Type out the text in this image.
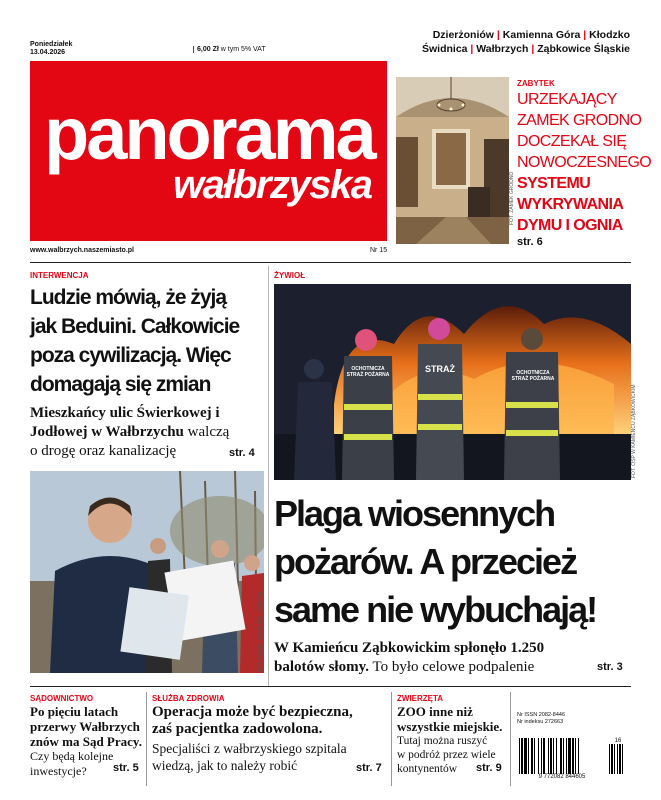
Poniedziałek
13.04.2026	6,00 Zł w tym 5% VAT
Dzierżoniów | Kamienna Góra | Kłodzko
Świdnica | Wałbrzych | Ząbkowice Śląskie
panorama
wałbrzyska
www.walbrzych.naszemiasto.pl	Nr 15
FOT. ZAMEK GRODNO
ZABYTEK
URZEKAJĄCY
ZAMEK GRODNO
DOCZEKAŁ SIĘ
NOWOCZESNEGO
SYSTEMU
WYKRYWANIA
DYMU I OGNIA
str. 6
INTERWENCJA
Ludzie mówią, że żyją
jak Beduini. Całkowicie
poza cywilizacją. Więc
domagają się zmian
Mieszkańcy ulic Świerkowej i Jodłowej w Wałbrzychu walczą o drogę oraz kanalizację	str. 4
FOT. DANIEL GEBAUER / SKRYBA
ŻYWIOŁ
OCHOTNICZA STRAŻ POŻARNA
STRAŻ	OCHOTNICZA STRAŻ POŻARNA
FOT. OSP W KAMIEŃCU ZĄBKOWICKIM
Plaga wiosennych
pożarów. A przecież
same nie wybuchają!
W Kamieńcu Ząbkowickim spłonęło 1.250 balotów słomy. To było celowe podpalenie	str. 3
SĄDOWNICTWO
Po pięciu latach
przerwy Wałbrzych
znów ma Sąd Pracy.
Czy będą kolejne
inwestycje?	str. 5
SŁUŻBA ZDROWIA
Operacja może być bezpieczna,
zaś pacjentka zadowolona.
Specjaliści z wałbrzyskiego szpitala
wiedzą, jak to należy robić	str. 7
ZWIERZĘTA
ZOO inne niż
wszystkie miejskie.
Tutaj można ruszyć
w podróż przez wiele
kontynentów	str. 9
Nr ISSN 2082-8446
Nr indeksu 272663
9 772082 844605
16
